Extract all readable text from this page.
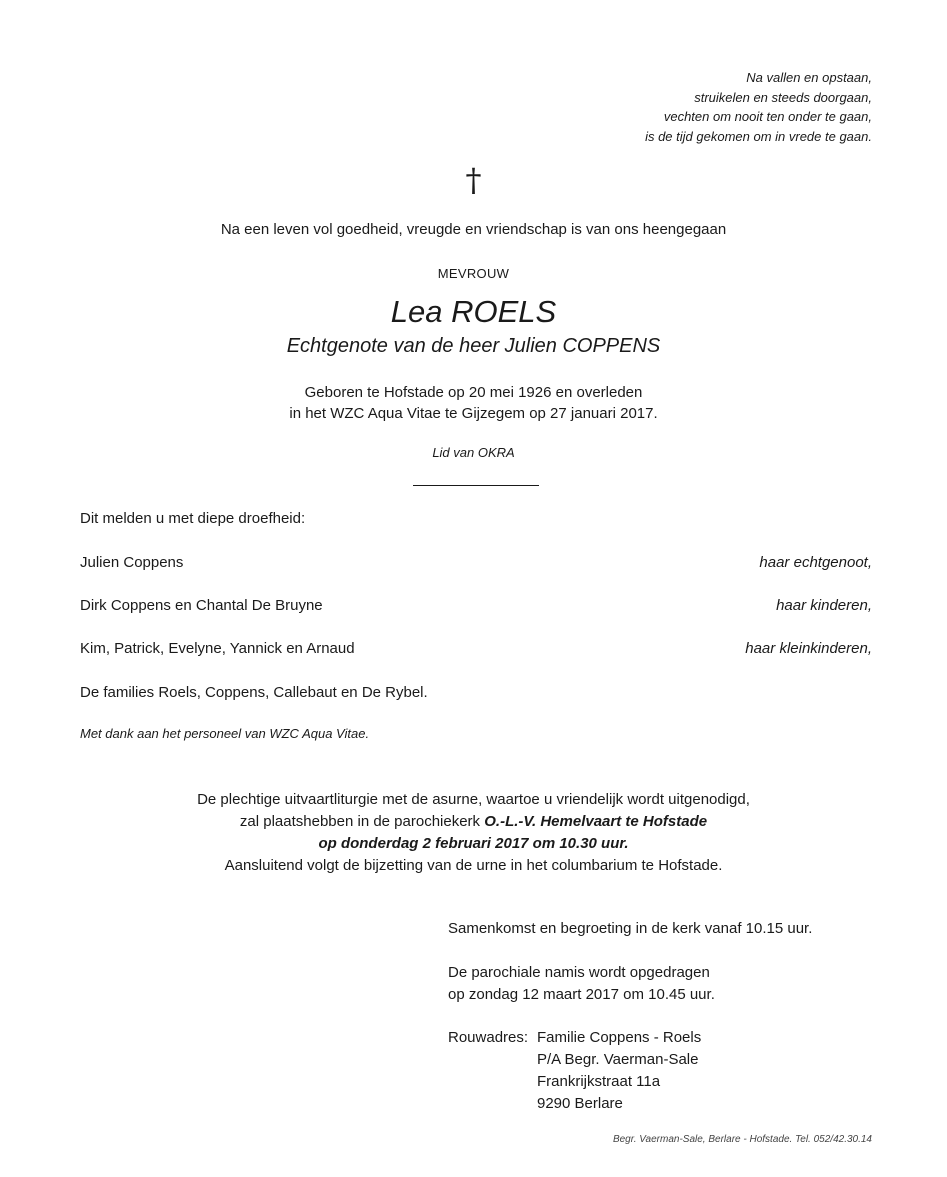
Na vallen en opstaan,
struikelen en steeds doorgaan,
vechten om nooit ten onder te gaan,
is de tijd gekomen om in vrede te gaan.
†
Na een leven vol goedheid, vreugde en vriendschap is van ons heengegaan
MEVROUW
Lea ROELS
Echtgenote van de heer Julien COPPENS
Geboren te Hofstade op 20 mei 1926 en overleden
in het WZC Aqua Vitae te Gijzegem op 27 januari 2017.
Lid van OKRA
Dit melden u met diepe droefheid:
Julien Coppens	haar echtgenoot,
Dirk Coppens en Chantal De Bruyne	haar kinderen,
Kim, Patrick, Evelyne, Yannick en Arnaud	haar kleinkinderen,
De families Roels, Coppens, Callebaut en De Rybel.
Met dank aan het personeel van WZC Aqua Vitae.
De plechtige uitvaartliturgie met de asurne, waartoe u vriendelijk wordt uitgenodigd,
zal plaatshebben in de parochiekerk O.-L.-V. Hemelvaart te Hofstade
op donderdag 2 februari 2017 om 10.30 uur.
Aansluitend volgt de bijzetting van de urne in het columbarium te Hofstade.
Samenkomst en begroeting in de kerk vanaf 10.15 uur.
De parochiale namis wordt opgedragen
op zondag 12 maart 2017 om 10.45 uur.
Rouwadres: Familie Coppens - Roels
P/A Begr. Vaerman-Sale
Frankrijkstraat 11a
9290 Berlare
Begr. Vaerman-Sale, Berlare - Hofstade. Tel. 052/42.30.14
